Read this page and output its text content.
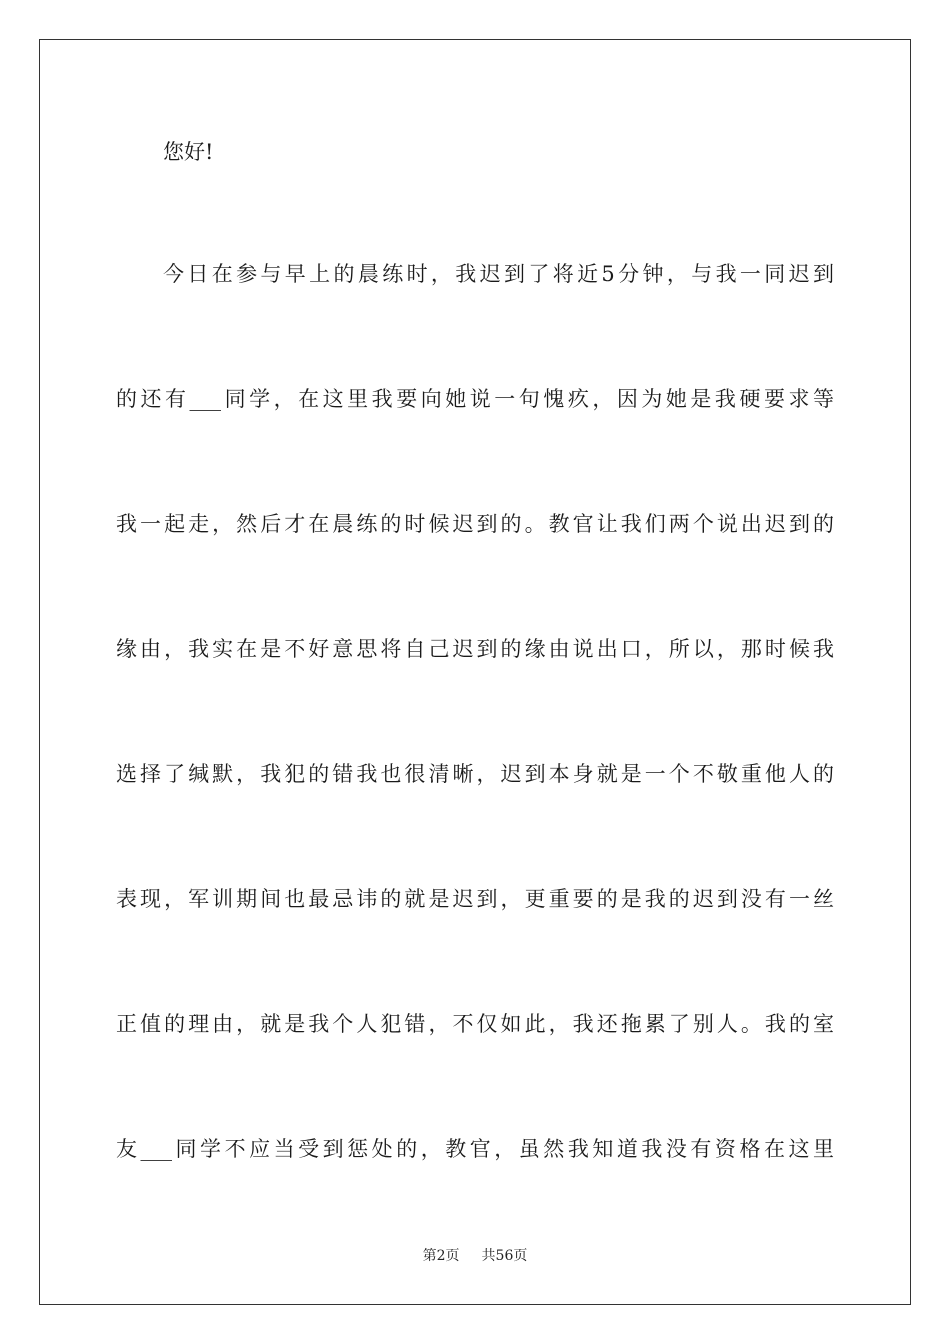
您好!
今日在参与早上的晨练时，我迟到了将近5分钟，与我一同迟到
的还有___同学，在这里我要向她说一句愧疚，因为她是我硬要求等
我一起走，然后才在晨练的时候迟到的。教官让我们两个说出迟到的
缘由，我实在是不好意思将自己迟到的缘由说出口，所以，那时候我
选择了缄默，我犯的错我也很清晰，迟到本身就是一个不敬重他人的
表现，军训期间也最忌讳的就是迟到，更重要的是我的迟到没有一丝
正值的理由，就是我个人犯错，不仅如此，我还拖累了别人。我的室
友___同学不应当受到惩处的，教官，虽然我知道我没有资格在这里
第2页 共56页
